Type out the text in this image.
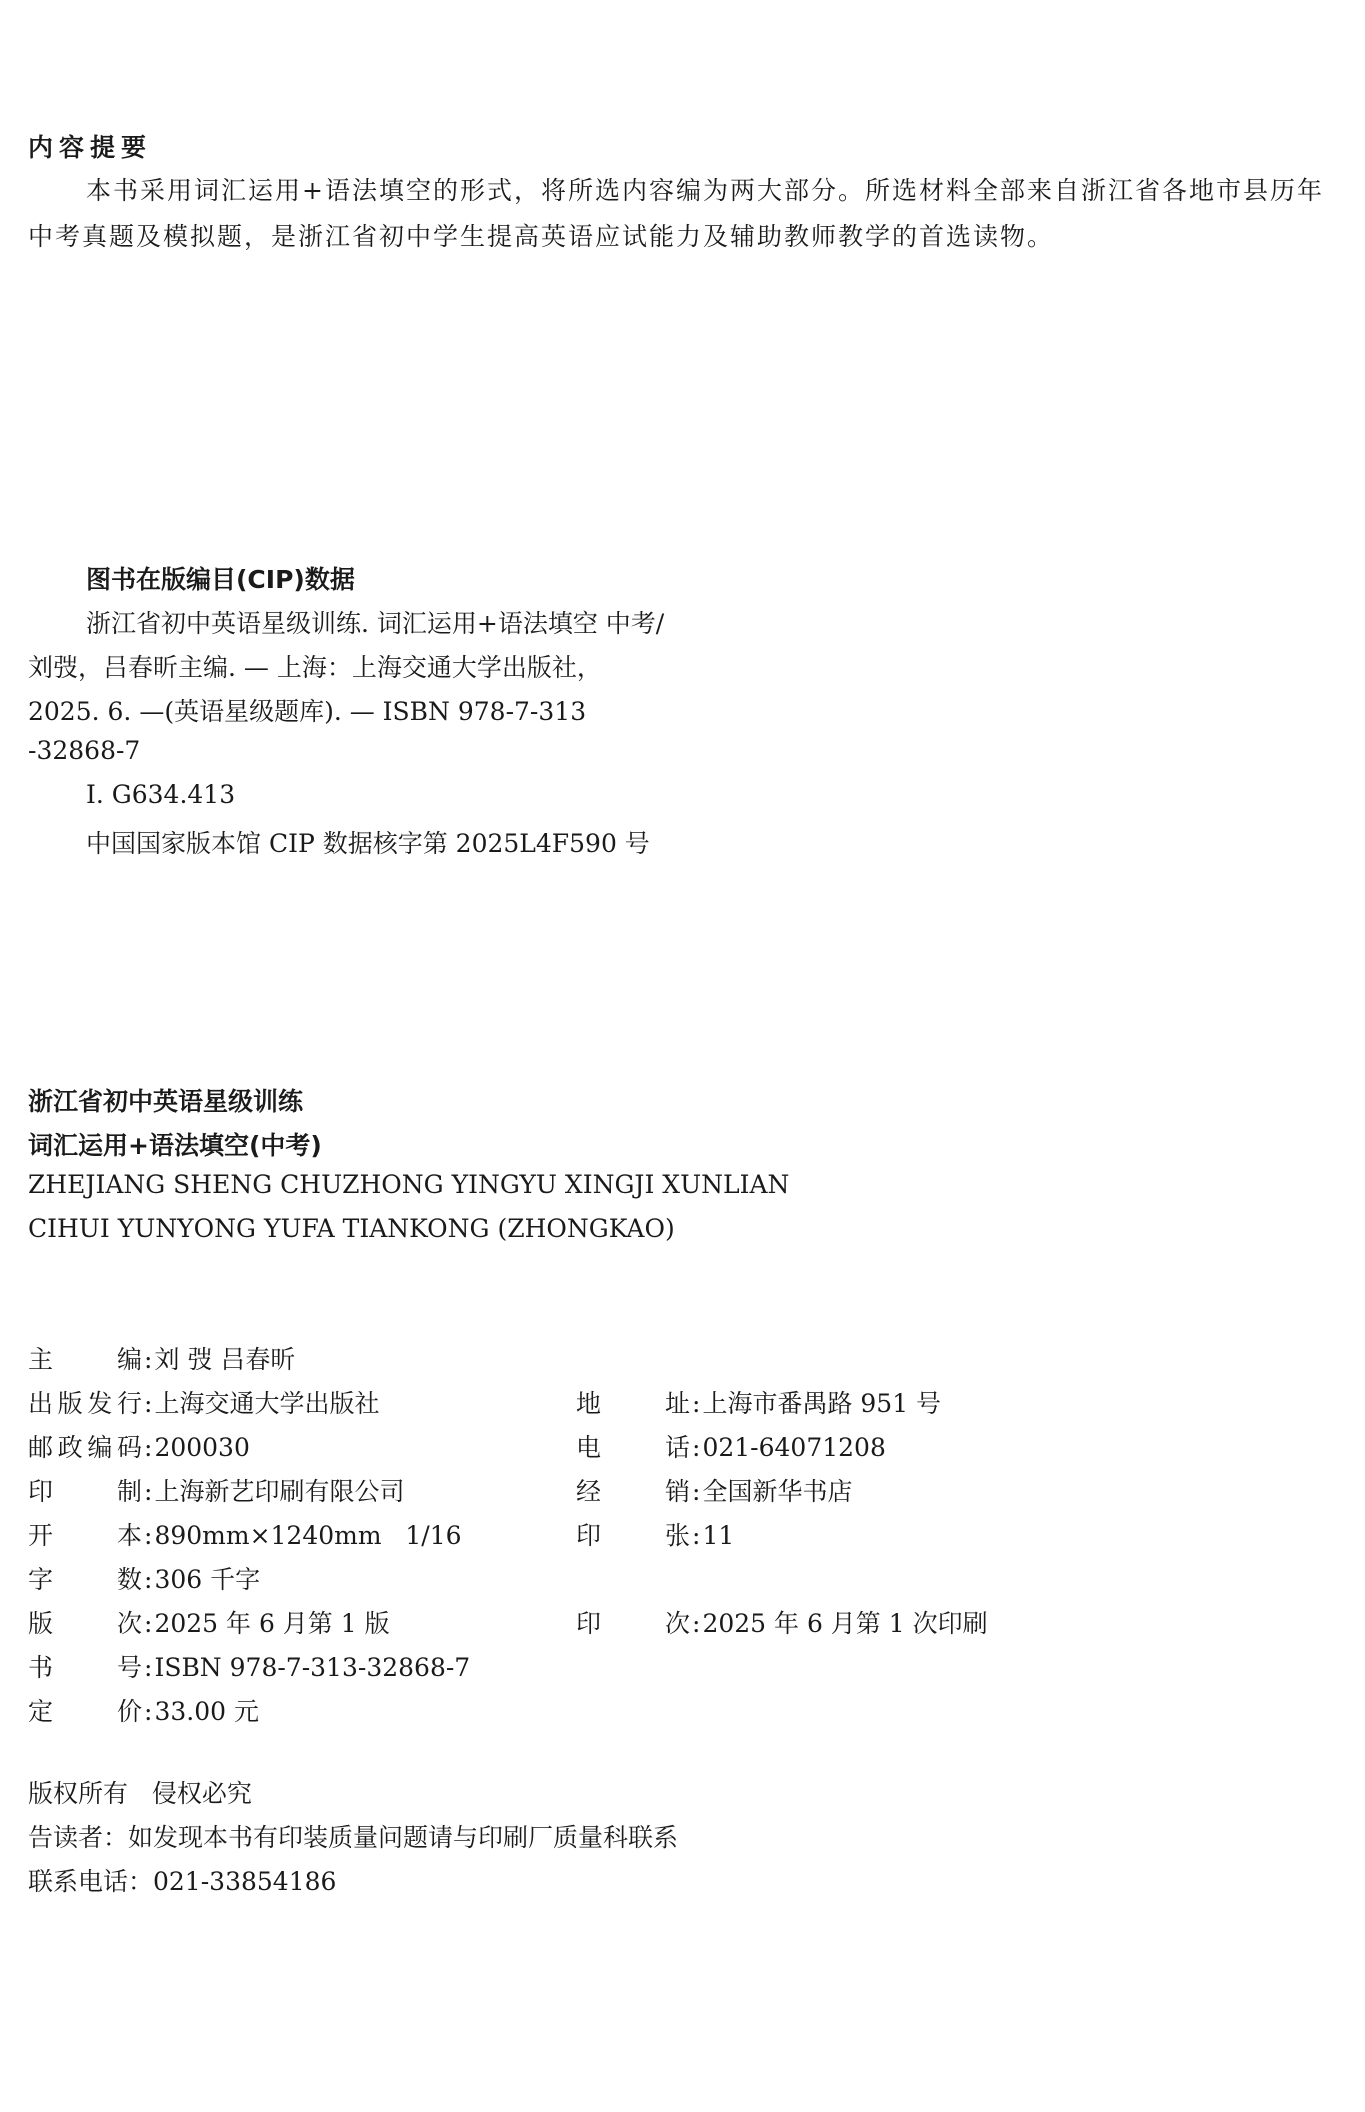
内容提要
本书采用词汇运用+语法填空的形式，将所选内容编为两大部分。所选材料全部来自浙江省各地市县历年中考真题及模拟题，是浙江省初中学生提高英语应试能力及辅助教师教学的首选读物。
图书在版编目(CIP)数据
浙江省初中英语星级训练. 词汇运用+语法填空 中考/
刘弢，吕春昕主编. — 上海：上海交通大学出版社，
2025. 6. —(英语星级题库). — ISBN 978-7-313
-32868-7
Ⅰ. G634.413
中国国家版本馆 CIP 数据核字第 2025L4F590 号
浙江省初中英语星级训练
词汇运用+语法填空(中考)
ZHEJIANG SHENG CHUZHONG YINGYU XINGJI XUNLIAN
CIHUI YUNYONG YUFA TIANKONG (ZHONGKAO)
主 编:刘 弢 吕春昕
出版发行:上海交通大学出版社
邮政编码:200030
印 制:上海新艺印刷有限公司
开 本:890mm×1240mm   1/16
字 数:306 千字
版 次:2025 年 6 月第 1 版
书 号:ISBN 978-7-313-32868-7
定 价:33.00 元
地 址:上海市番禺路 951 号
电 话:021-64071208
经 销:全国新华书店
印 张:11
印 次:2025 年 6 月第 1 次印刷
版权所有   侵权必究
告读者：如发现本书有印装质量问题请与印刷厂质量科联系
联系电话：021-33854186
